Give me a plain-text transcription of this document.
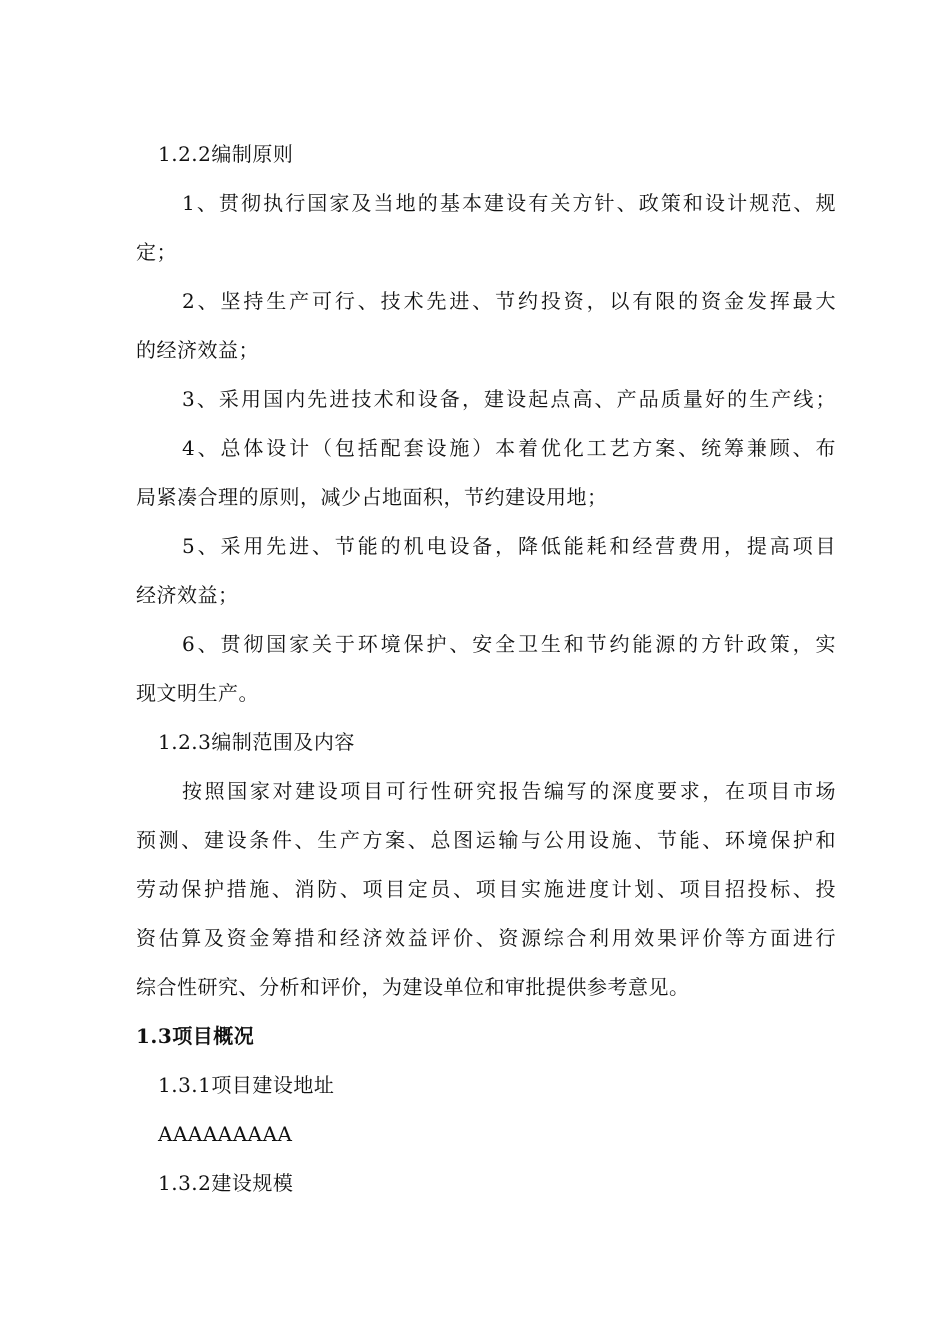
1.2.2编制原则
1、贯彻执行国家及当地的基本建设有关方针、政策和设计规范、规
定；
2、坚持生产可行、技术先进、节约投资，以有限的资金发挥最大
的经济效益；
3、采用国内先进技术和设备，建设起点高、产品质量好的生产线；
4、总体设计（包括配套设施）本着优化工艺方案、统筹兼顾、布
局紧凑合理的原则，减少占地面积，节约建设用地；
5、采用先进、节能的机电设备，降低能耗和经营费用，提高项目
经济效益；
6、贯彻国家关于环境保护、安全卫生和节约能源的方针政策，实
现文明生产。
1.2.3编制范围及内容
按照国家对建设项目可行性研究报告编写的深度要求，在项目市场
预测、建设条件、生产方案、总图运输与公用设施、节能、环境保护和
劳动保护措施、消防、项目定员、项目实施进度计划、项目招投标、投
资估算及资金筹措和经济效益评价、资源综合利用效果评价等方面进行
综合性研究、分析和评价，为建设单位和审批提供参考意见。
1.3项目概况
1.3.1项目建设地址
AAAAAAAAA
1.3.2建设规模
